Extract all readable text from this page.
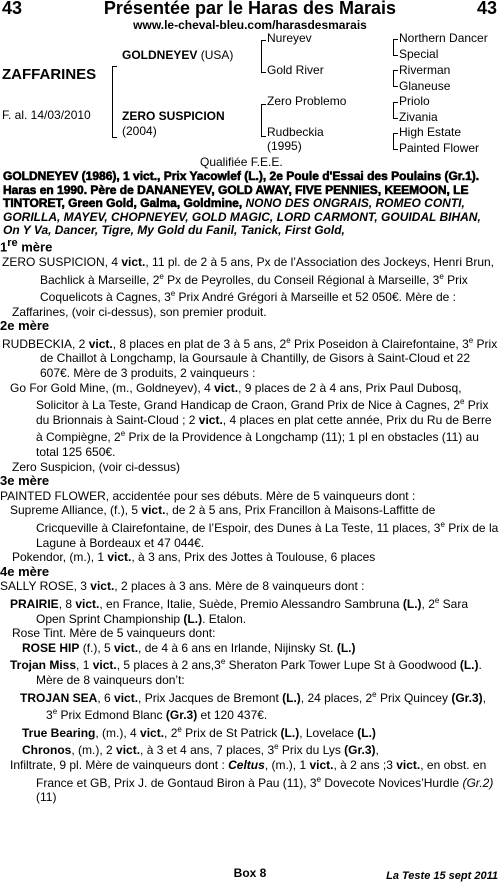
43	Présentée par le Haras des Marais	43
www.le-cheval-bleu.com/harasdesmarais
ZAFFARINES
F. al. 14/03/2010
GOLDNEYEV (USA)
ZERO SUSPICION
(2004)
Nureyev
Gold River
Zero Problemo
Rudbeckia
(1995)
Northern Dancer
Special
Riverman
Glaneuse
Priolo
Zivania
High Estate
Painted Flower
Qualifiée F.E.E.
GOLDNEYEV (1986), 1 vict., Prix Yacowlef (L.), 2e Poule d'Essai des Poulains (Gr.1). Haras en 1990. Père de DANANEYEV, GOLD AWAY, FIVE PENNIES, KEEMOON, LE TINTORET, Green Gold, Galma, Goldmine, NONO DES ONGRAIS, ROMEO CONTI, GORILLA, MAYEV, CHOPNEYEV, GOLD MAGIC, LORD CARMONT, GOUIDAL BIHAN, On Y Va, Dancer, Tigre, My Gold du Fanil, Tanick, First Gold,
1re mère

ZERO SUSPICION, 4 vict., 11 pl. de 2 à 5 ans, Px de l’Association des Jockeys, Henri Brun, Bachlick à Marseille, 2e Px de Peyrolles, du Conseil Régional à Marseille, 3e Prix Coquelicots à Cagnes, 3e Prix André Grégori à Marseille et 52 050€. Mère de :

Zaffarines, (voir ci-dessus), son premier produit.

2e mère

RUDBECKIA, 2 vict., 8 places en plat de 3 à 5 ans, 2e Prix Poseidon à Clairefontaine, 3e Prix de Chaillot à Longchamp, la Goursaule à Chantilly, de Gisors à Saint-Cloud et 22 607€. Mère de 3 produits, 2 vainqueurs :

Go For Gold Mine, (m., Goldneyev), 4 vict., 9 places de 2 à 4 ans, Prix Paul Dubosq, Solicitor à La Teste, Grand Handicap de Craon, Grand Prix de Nice à Cagnes, 2e Prix du Brionnais à Saint-Cloud ; 2 vict., 4 places en plat cette année, Prix du Ru de Berre à Compiègne, 2e Prix de la Providence à Longchamp (11); 1 pl en obstacles (11) au total 125 650€.

Zero Suspicion, (voir ci-dessus)

3e mère

PAINTED FLOWER, accidentée pour ses débuts. Mère de 5 vainqueurs dont :

Supreme Alliance, (f.), 5 vict., de 2 à 5 ans, Prix Francillon à Maisons-Laffitte de Cricqueville à Clairefontaine, de l’Espoir, des Dunes à La Teste, 11 places, 3e Prix de la Lagune à Bordeaux et 47 044€.

Pokendor, (m.), 1 vict., à 3 ans, Prix des Jottes à Toulouse, 6 places

4e mère

SALLY ROSE, 3 vict., 2 places à 3 ans. Mère de 8 vainqueurs dont :

PRAIRIE, 8 vict., en France, Italie, Suède, Premio Alessandro Sambruna (L.), 2e Sara Open Sprint Championship (L.). Etalon.

Rose Tint. Mère de 5 vainqueurs dont:

ROSE HIP (f.), 5 vict., de 4 à 6 ans en Irlande, Nijinsky St. (L.)

Trojan Miss, 1 vict., 5 places à 2 ans,3e Sheraton Park Tower Lupe St à Goodwood (L.). Mère de 8 vainqueurs don’t:

TROJAN SEA, 6 vict., Prix Jacques de Bremont (L.), 24 places, 2e Prix Quincey (Gr.3), 3e Prix Edmond Blanc (Gr.3) et 120 437€.

True Bearing, (m.), 4 vict., 2e Prix de St Patrick (L.), Lovelace (L.)

Chronos, (m.), 2 vict., à 3 et 4 ans, 7 places, 3e Prix du Lys (Gr.3),

Infiltrate, 9 pl. Mère de vainqueurs dont : Celtus, (m.), 1 vict., à 2 ans ;3 vict., en obst. en France et GB, Prix J. de Gontaud Biron à Pau (11), 3e Dovecote Novices’Hurdle (Gr.2) (11)

Box 8	La Teste 15 sept 2011
